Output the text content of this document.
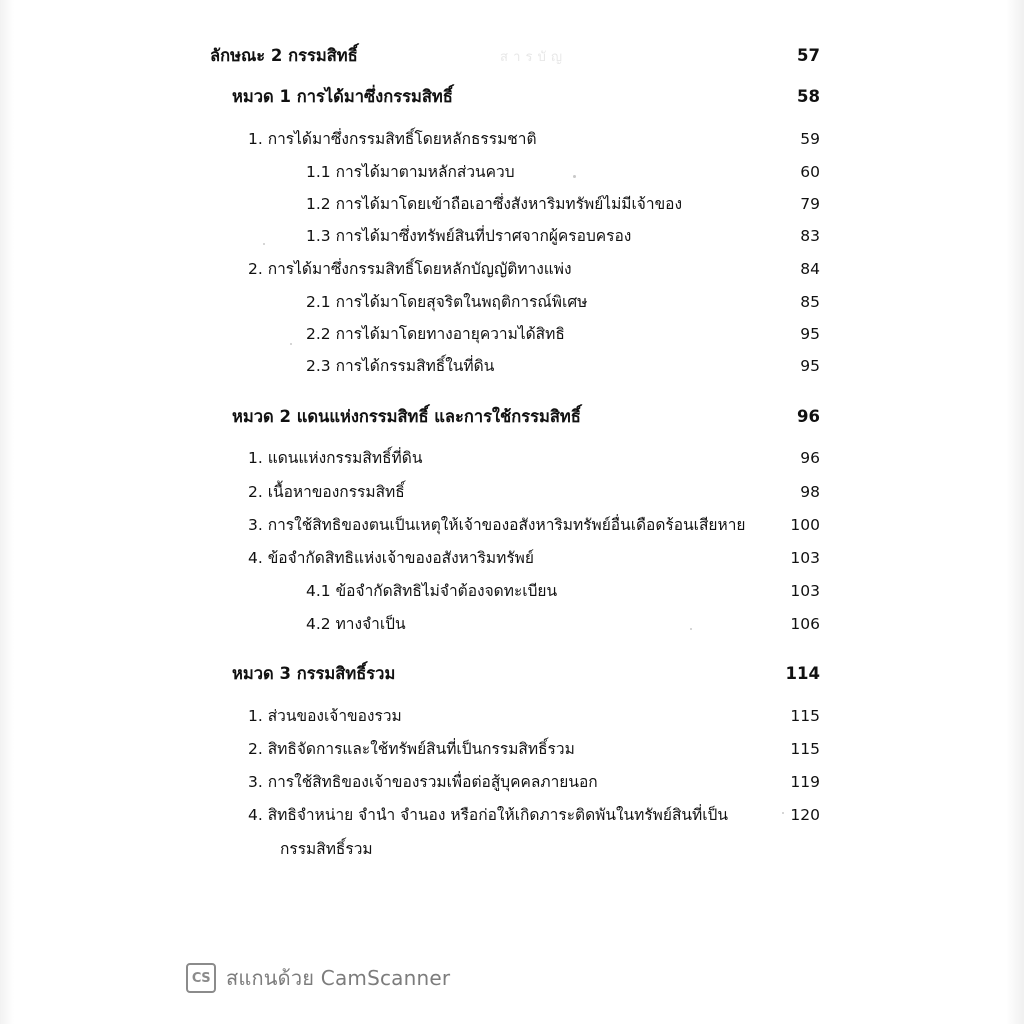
ส า ร บั ญ
ลักษณะ 2 กรรมสิทธิ์	57
หมวด 1 การได้มาซึ่งกรรมสิทธิ์	58
1. การได้มาซึ่งกรรมสิทธิ์โดยหลักธรรมชาติ	59
1.1 การได้มาตามหลักส่วนควบ	60
1.2 การได้มาโดยเข้าถือเอาซึ่งสังหาริมทรัพย์ไม่มีเจ้าของ	79
1.3 การได้มาซึ่งทรัพย์สินที่ปราศจากผู้ครอบครอง	83
2. การได้มาซึ่งกรรมสิทธิ์โดยหลักบัญญัติทางแพ่ง	84
2.1 การได้มาโดยสุจริตในพฤติการณ์พิเศษ	85
2.2 การได้มาโดยทางอายุความได้สิทธิ	95
2.3 การได้กรรมสิทธิ์ในที่ดิน	95
หมวด 2 แดนแห่งกรรมสิทธิ์ และการใช้กรรมสิทธิ์	96
1. แดนแห่งกรรมสิทธิ์ที่ดิน	96
2. เนื้อหาของกรรมสิทธิ์	98
3. การใช้สิทธิของตนเป็นเหตุให้เจ้าของอสังหาริมทรัพย์อื่นเดือดร้อนเสียหาย	100
4. ข้อจำกัดสิทธิแห่งเจ้าของอสังหาริมทรัพย์	103
4.1 ข้อจำกัดสิทธิไม่จำต้องจดทะเบียน	103
4.2 ทางจำเป็น	106
หมวด 3 กรรมสิทธิ์รวม	114
1. ส่วนของเจ้าของรวม	115
2. สิทธิจัดการและใช้ทรัพย์สินที่เป็นกรรมสิทธิ์รวม	115
3. การใช้สิทธิของเจ้าของรวมเพื่อต่อสู้บุคคลภายนอก	119
4. สิทธิจำหน่าย จำนำ จำนอง หรือก่อให้เกิดภาระติดพันในทรัพย์สินที่เป็น	120
กรรมสิทธิ์รวม
CS สแกนด้วย CamScanner
